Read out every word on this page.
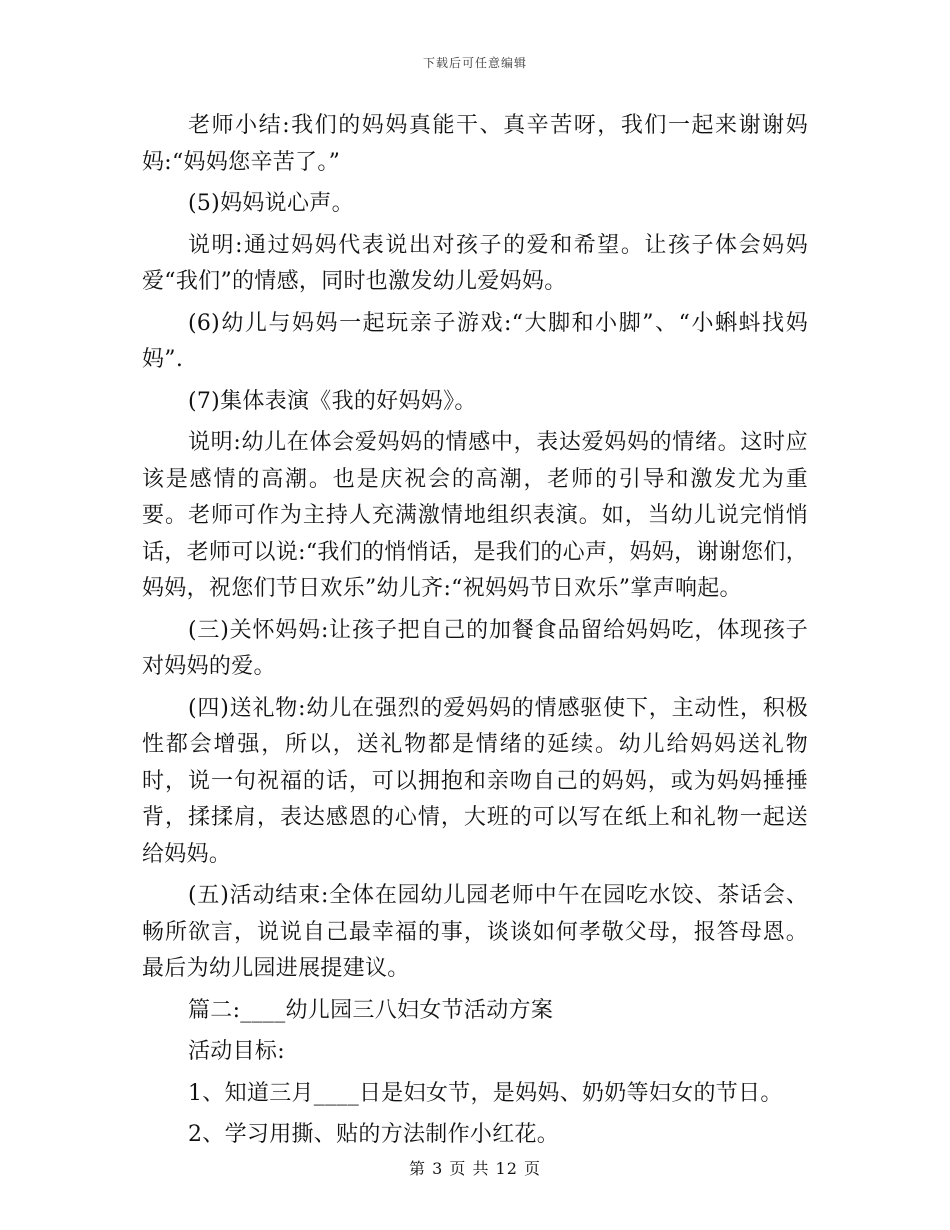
下载后可任意编辑

老师小结:我们的妈妈真能干、真辛苦呀，我们一起来谢谢妈妈:“妈妈您辛苦了。”

(5)妈妈说心声。

说明:通过妈妈代表说出对孩子的爱和希望。让孩子体会妈妈爱“我们”的情感，同时也激发幼儿爱妈妈。

(6)幼儿与妈妈一起玩亲子游戏:“大脚和小脚”、“小蝌蚪找妈妈”.

(7)集体表演《我的好妈妈》。

说明:幼儿在体会爱妈妈的情感中，表达爱妈妈的情绪。这时应该是感情的高潮。也是庆祝会的高潮，老师的引导和激发尤为重要。老师可作为主持人充满激情地组织表演。如，当幼儿说完悄悄话，老师可以说:“我们的悄悄话，是我们的心声，妈妈，谢谢您们，妈妈，祝您们节日欢乐”幼儿齐:“祝妈妈节日欢乐”掌声响起。

(三)关怀妈妈:让孩子把自己的加餐食品留给妈妈吃，体现孩子对妈妈的爱。

(四)送礼物:幼儿在强烈的爱妈妈的情感驱使下，主动性，积极性都会增强，所以，送礼物都是情绪的延续。幼儿给妈妈送礼物时，说一句祝福的话，可以拥抱和亲吻自己的妈妈，或为妈妈捶捶背，揉揉肩，表达感恩的心情，大班的可以写在纸上和礼物一起送给妈妈。

(五)活动结束:全体在园幼儿园老师中午在园吃水饺、茶话会、畅所欲言，说说自己最幸福的事，谈谈如何孝敬父母，报答母恩。最后为幼儿园进展提建议。

篇二:____幼儿园三八妇女节活动方案

活动目标:

1、知道三月____日是妇女节，是妈妈、奶奶等妇女的节日。

2、学习用撕、贴的方法制作小红花。

第 3 页 共 12 页
